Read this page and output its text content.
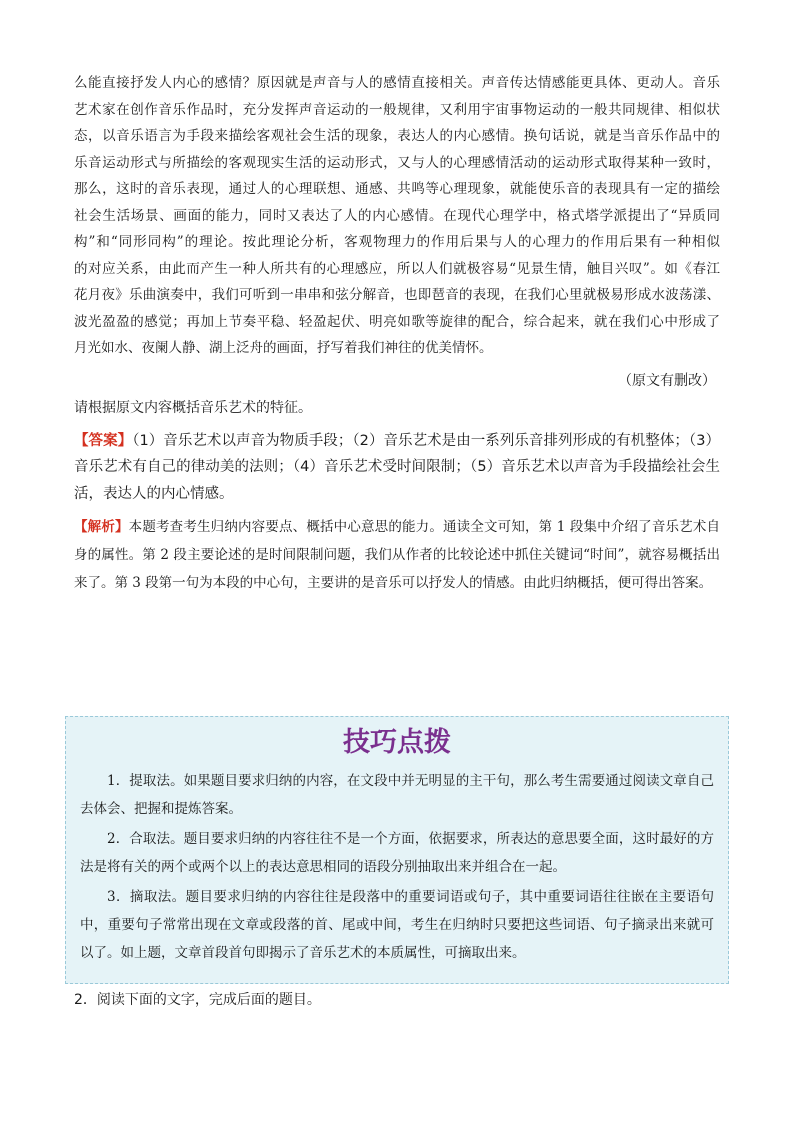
么能直接抒发人内心的感情？原因就是声音与人的感情直接相关。声音传达情感能更具体、更动人。音乐

艺术家在创作音乐作品时，充分发挥声音运动的一般规律，又利用宇宙事物运动的一般共同规律、相似状

态，以音乐语言为手段来描绘客观社会生活的现象，表达人的内心感情。换句话说，就是当音乐作品中的

乐音运动形式与所描绘的客观现实生活的运动形式，又与人的心理感情活动的运动形式取得某种一致时，

那么，这时的音乐表现，通过人的心理联想、通感、共鸣等心理现象，就能使乐音的表现具有一定的描绘

社会生活场景、画面的能力，同时又表达了人的内心感情。在现代心理学中，格式塔学派提出了“异质同

构”和“同形同构”的理论。按此理论分析，客观物理力的作用后果与人的心理力的作用后果有一种相似

的对应关系，由此而产生一种人所共有的心理感应，所以人们就极容易“见景生情，触目兴叹”。如《春江

花月夜》乐曲演奏中，我们可听到一串串和弦分解音，也即琶音的表现，在我们心里就极易形成水波荡漾、

波光盈盈的感觉；再加上节奏平稳、轻盈起伏、明亮如歌等旋律的配合，综合起来，就在我们心中形成了

月光如水、夜阑人静、湖上泛舟的画面，抒写着我们神往的优美情怀。

（原文有删改）
请根据原文内容概括音乐艺术的特征。
【答案】（1）音乐艺术以声音为物质手段；（2）音乐艺术是由一系列乐音排列形成的有机整体；（3）音乐艺术有自己的律动美的法则；（4）音乐艺术受时间限制；（5）音乐艺术以声音为手段描绘社会生活，表达人的内心情感。
【解析】本题考查考生归纳内容要点、概括中心意思的能力。通读全文可知，第 1 段集中介绍了音乐艺术自身的属性。第 2 段主要论述的是时间限制问题，我们从作者的比较论述中抓住关键词“时间”，就容易概括出来了。第 3 段第一句为本段的中心句，主要讲的是音乐可以抒发人的情感。由此归纳概括，便可得出答案。
技巧点拨

1．提取法。如果题目要求归纳的内容，在文段中并无明显的主干句，那么考生需要通过阅读文章自己去体会、把握和提炼答案。

2．合取法。题目要求归纳的内容往往不是一个方面，依据要求，所表达的意思要全面，这时最好的方法是将有关的两个或两个以上的表达意思相同的语段分别抽取出来并组合在一起。

3．摘取法。题目要求归纳的内容往往是段落中的重要词语或句子，其中重要词语往往嵌在主要语句中，重要句子常常出现在文章或段落的首、尾或中间，考生在归纳时只要把这些词语、句子摘录出来就可以了。如上题，文章首段首句即揭示了音乐艺术的本质属性，可摘取出来。

2．阅读下面的文字，完成后面的题目。
